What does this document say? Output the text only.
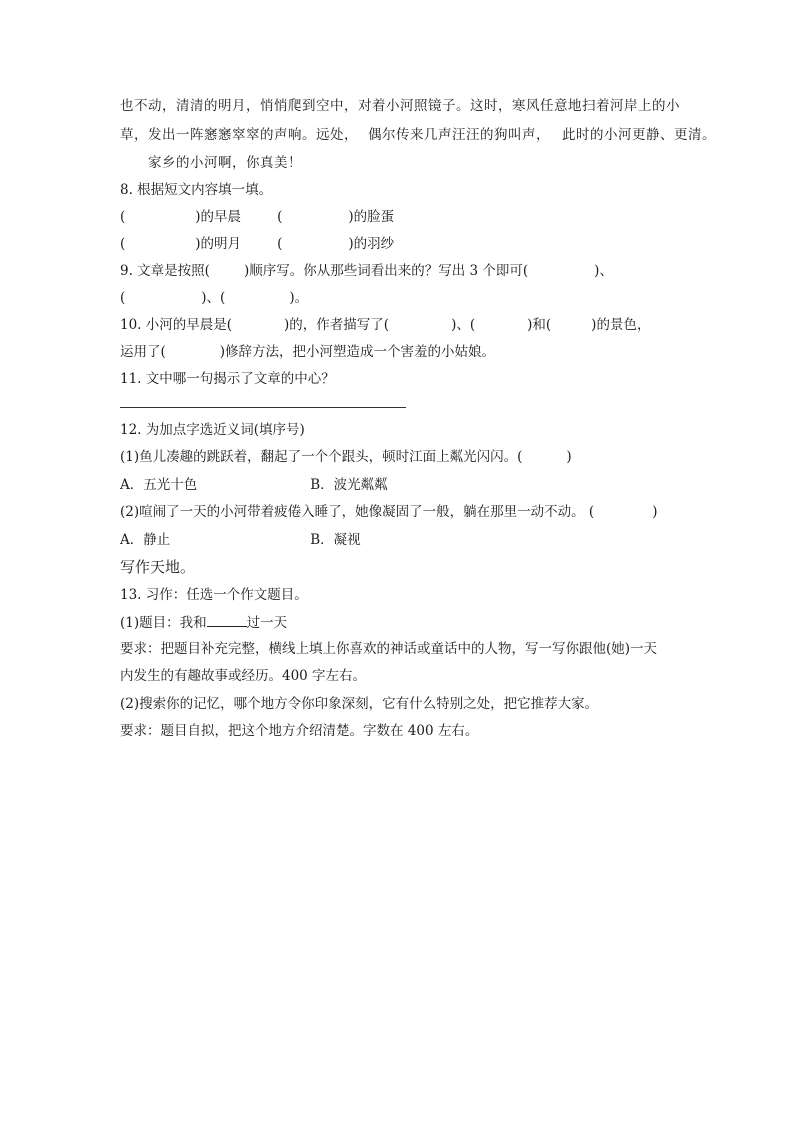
也不动，清清的明月，悄悄爬到空中，对着小河照镜子。这时，寒风任意地扫着河岸上的小
草，发出一阵窸窸窣窣的声响。远处， 偶尔传来几声汪汪的狗叫声， 此时的小河更静、更清。
家乡的小河啊，你真美！
8. 根据短文内容填一填。
(	)的早晨	(	)的脸蛋
(	)的明月	(	)的羽纱
9. 文章是按照(	)顺序写。你从那些词看出来的？写出 3 个即可(	)、
(	)、(	)。
10. 小河的早晨是(	)的，作者描写了(	)、(	)和(	)的景色，
运用了(	)修辞方法，把小河塑造成一个害羞的小姑娘。
11. 文中哪一句揭示了文章的中心？
12. 为加点字选近义词(填序号)
(1)鱼儿凑趣的跳跃着，翻起了一个个跟头，顿时江面上粼光闪闪。(	)
A．五光十色	B．波光粼粼
(2)喧闹了一天的小河带着疲倦入睡了，她像凝固了一般，躺在那里一动不动。 (	)
A．静止	B．凝视
写作天地。
13. 习作：任选一个作文题目。
(1)题目：我和	过一天
要求：把题目补充完整，横线上填上你喜欢的神话或童话中的人物，写一写你跟他(她)一天
内发生的有趣故事或经历。400 字左右。
(2)搜索你的记忆，哪个地方令你印象深刻，它有什么特别之处，把它推荐大家。
要求：题目自拟，把这个地方介绍清楚。字数在 400 左右。
